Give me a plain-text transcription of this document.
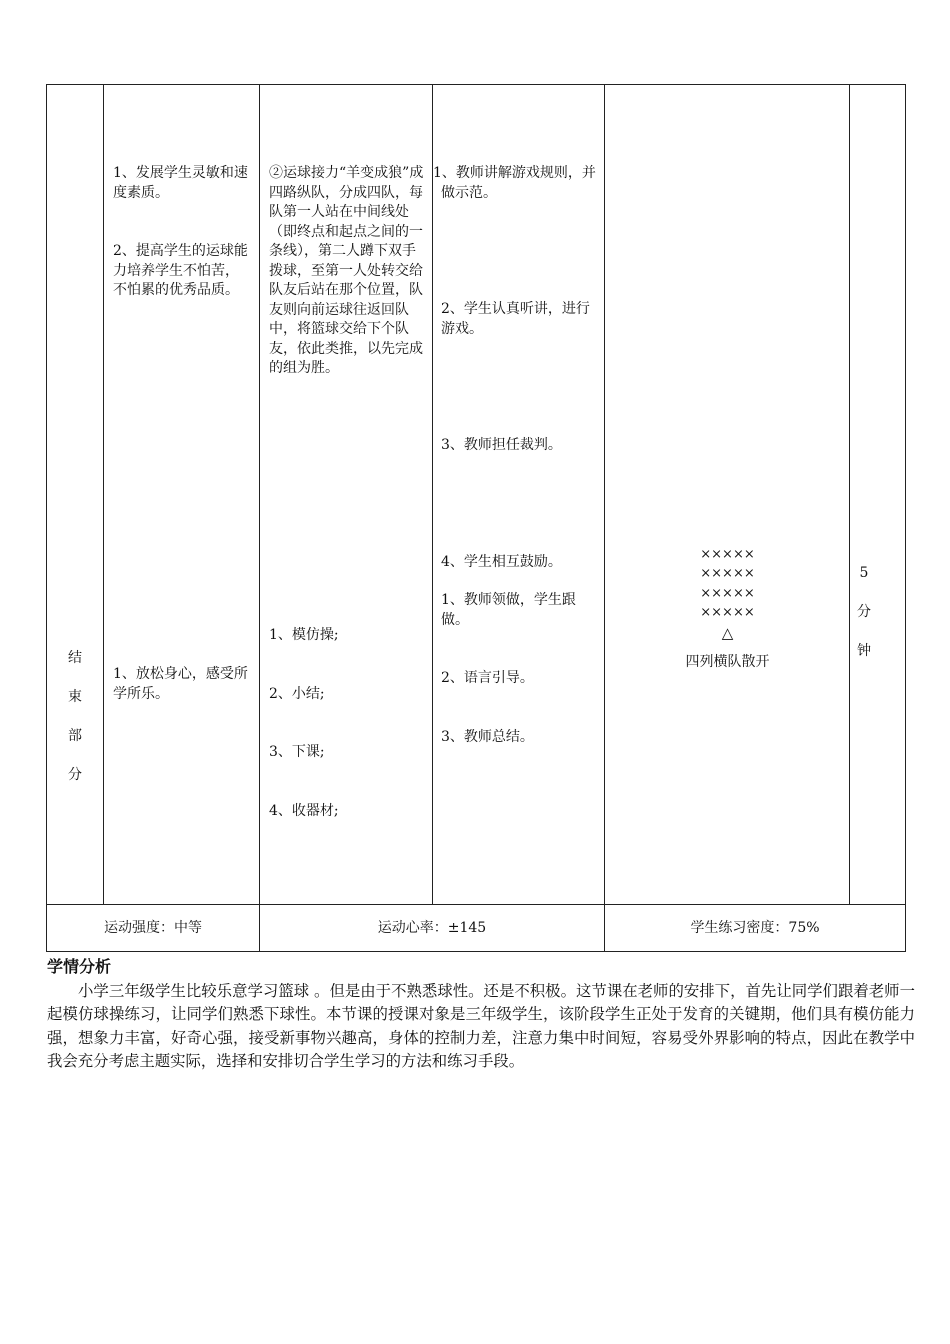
1、发展学生灵敏和速度素质。

2、提高学生的运球能力培养学生不怕苦，不怕累的优秀品质。

②运球接力“羊变成狼”成四路纵队，分成四队，每队第一人站在中间线处（即终点和起点之间的一条线），第二人蹲下双手拨球，至第一人处转交给队友后站在那个位置，队友则向前运球往返回队中，将篮球交给下个队友，依此类推，以先完成的组为胜。

1、教师讲解游戏规则，并做示范。

2、学生认真听讲，进行游戏。

3、教师担任裁判。

4、学生相互鼓励。

结
束
部
分

1、放松身心，感受所学所乐。

1、模仿操;

2、小结;

3、下课;

4、收器材;

1、教师领做，学生跟做。

2、语言引导。

3、教师总结。

×××××
×××××
×××××
×××××
△
四列横队散开
5
分
钟
运动强度：中等	运动心率：±145	学生练习密度：75%
学情分析

小学三年级学生比较乐意学习篮球 。但是由于不熟悉球性。还是不积极。这节课在老师的安排下，首先让同学们跟着老师一起模仿球操练习，让同学们熟悉下球性。本节课的授课对象是三年级学生，该阶段学生正处于发育的关键期，他们具有模仿能力强，想象力丰富，好奇心强，接受新事物兴趣高，身体的控制力差，注意力集中时间短，容易受外界影响的特点，因此在教学中我会充分考虑主题实际，选择和安排切合学生学习的方法和练习手段。
